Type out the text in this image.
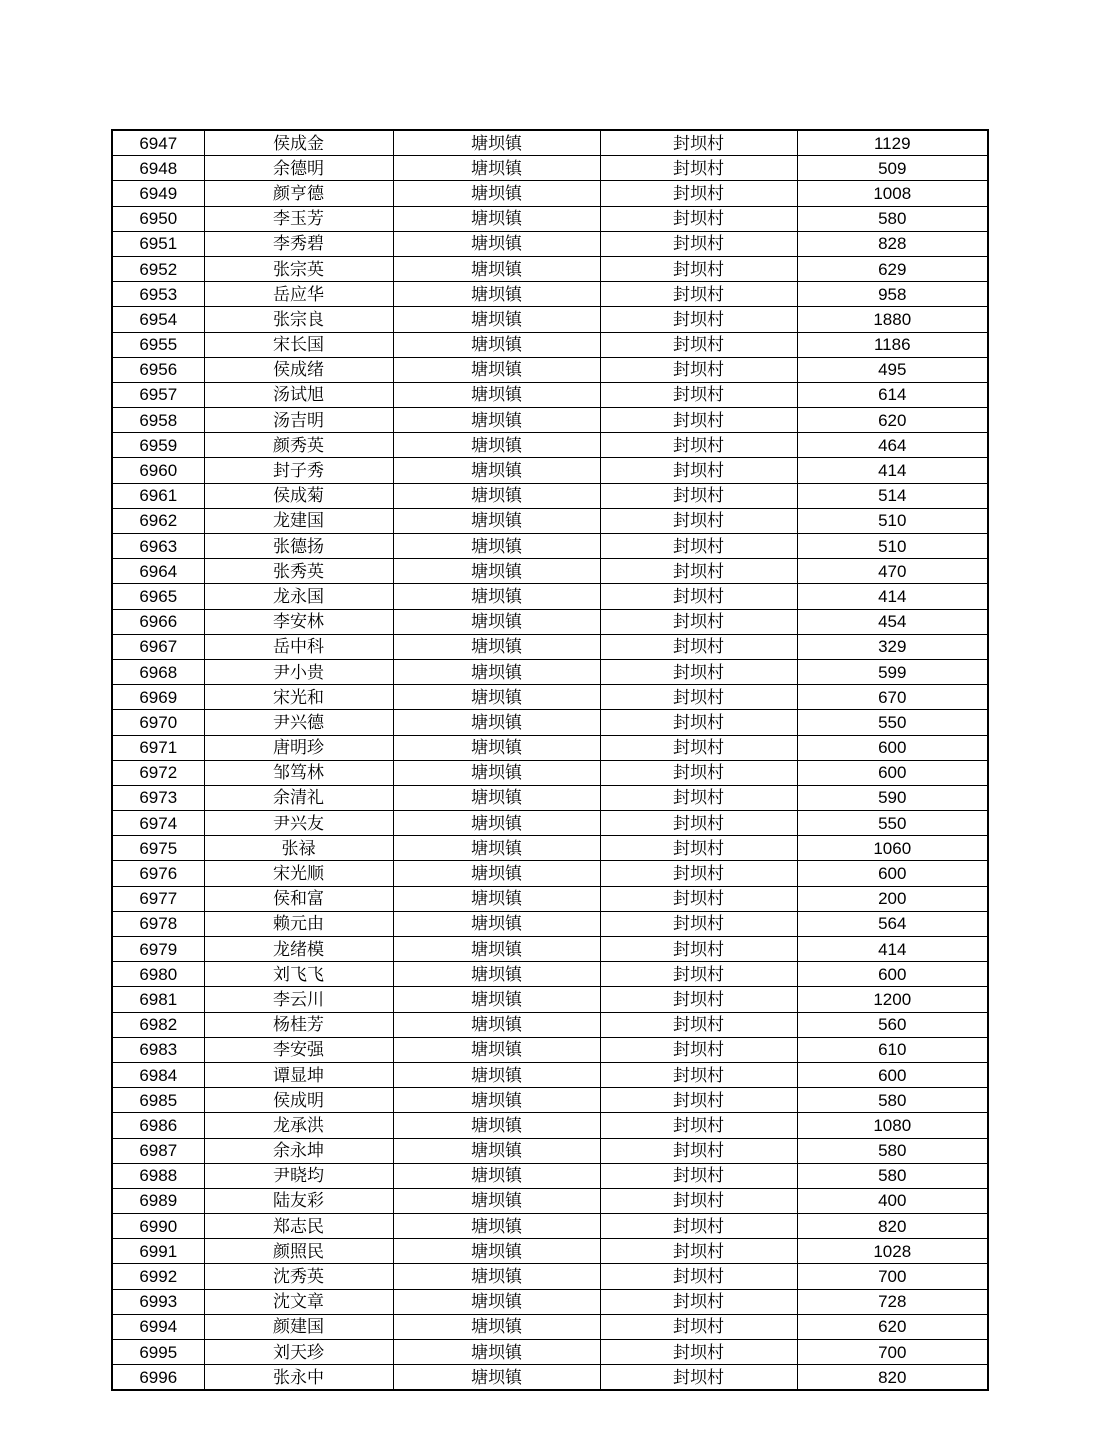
6947	侯成金	塘坝镇	封坝村	1129
6948	余德明	塘坝镇	封坝村	509
6949	颜亨德	塘坝镇	封坝村	1008
6950	李玉芳	塘坝镇	封坝村	580
6951	李秀碧	塘坝镇	封坝村	828
6952	张宗英	塘坝镇	封坝村	629
6953	岳应华	塘坝镇	封坝村	958
6954	张宗良	塘坝镇	封坝村	1880
6955	宋长国	塘坝镇	封坝村	1186
6956	侯成绪	塘坝镇	封坝村	495
6957	汤试旭	塘坝镇	封坝村	614
6958	汤吉明	塘坝镇	封坝村	620
6959	颜秀英	塘坝镇	封坝村	464
6960	封子秀	塘坝镇	封坝村	414
6961	侯成菊	塘坝镇	封坝村	514
6962	龙建国	塘坝镇	封坝村	510
6963	张德扬	塘坝镇	封坝村	510
6964	张秀英	塘坝镇	封坝村	470
6965	龙永国	塘坝镇	封坝村	414
6966	李安林	塘坝镇	封坝村	454
6967	岳中科	塘坝镇	封坝村	329
6968	尹小贵	塘坝镇	封坝村	599
6969	宋光和	塘坝镇	封坝村	670
6970	尹兴德	塘坝镇	封坝村	550
6971	唐明珍	塘坝镇	封坝村	600
6972	邹笃林	塘坝镇	封坝村	600
6973	余清礼	塘坝镇	封坝村	590
6974	尹兴友	塘坝镇	封坝村	550
6975	张禄	塘坝镇	封坝村	1060
6976	宋光顺	塘坝镇	封坝村	600
6977	侯和富	塘坝镇	封坝村	200
6978	赖元由	塘坝镇	封坝村	564
6979	龙绪模	塘坝镇	封坝村	414
6980	刘飞飞	塘坝镇	封坝村	600
6981	李云川	塘坝镇	封坝村	1200
6982	杨桂芳	塘坝镇	封坝村	560
6983	李安强	塘坝镇	封坝村	610
6984	谭显坤	塘坝镇	封坝村	600
6985	侯成明	塘坝镇	封坝村	580
6986	龙承洪	塘坝镇	封坝村	1080
6987	余永坤	塘坝镇	封坝村	580
6988	尹晓均	塘坝镇	封坝村	580
6989	陆友彩	塘坝镇	封坝村	400
6990	郑志民	塘坝镇	封坝村	820
6991	颜照民	塘坝镇	封坝村	1028
6992	沈秀英	塘坝镇	封坝村	700
6993	沈文章	塘坝镇	封坝村	728
6994	颜建国	塘坝镇	封坝村	620
6995	刘天珍	塘坝镇	封坝村	700
6996	张永中	塘坝镇	封坝村	820
